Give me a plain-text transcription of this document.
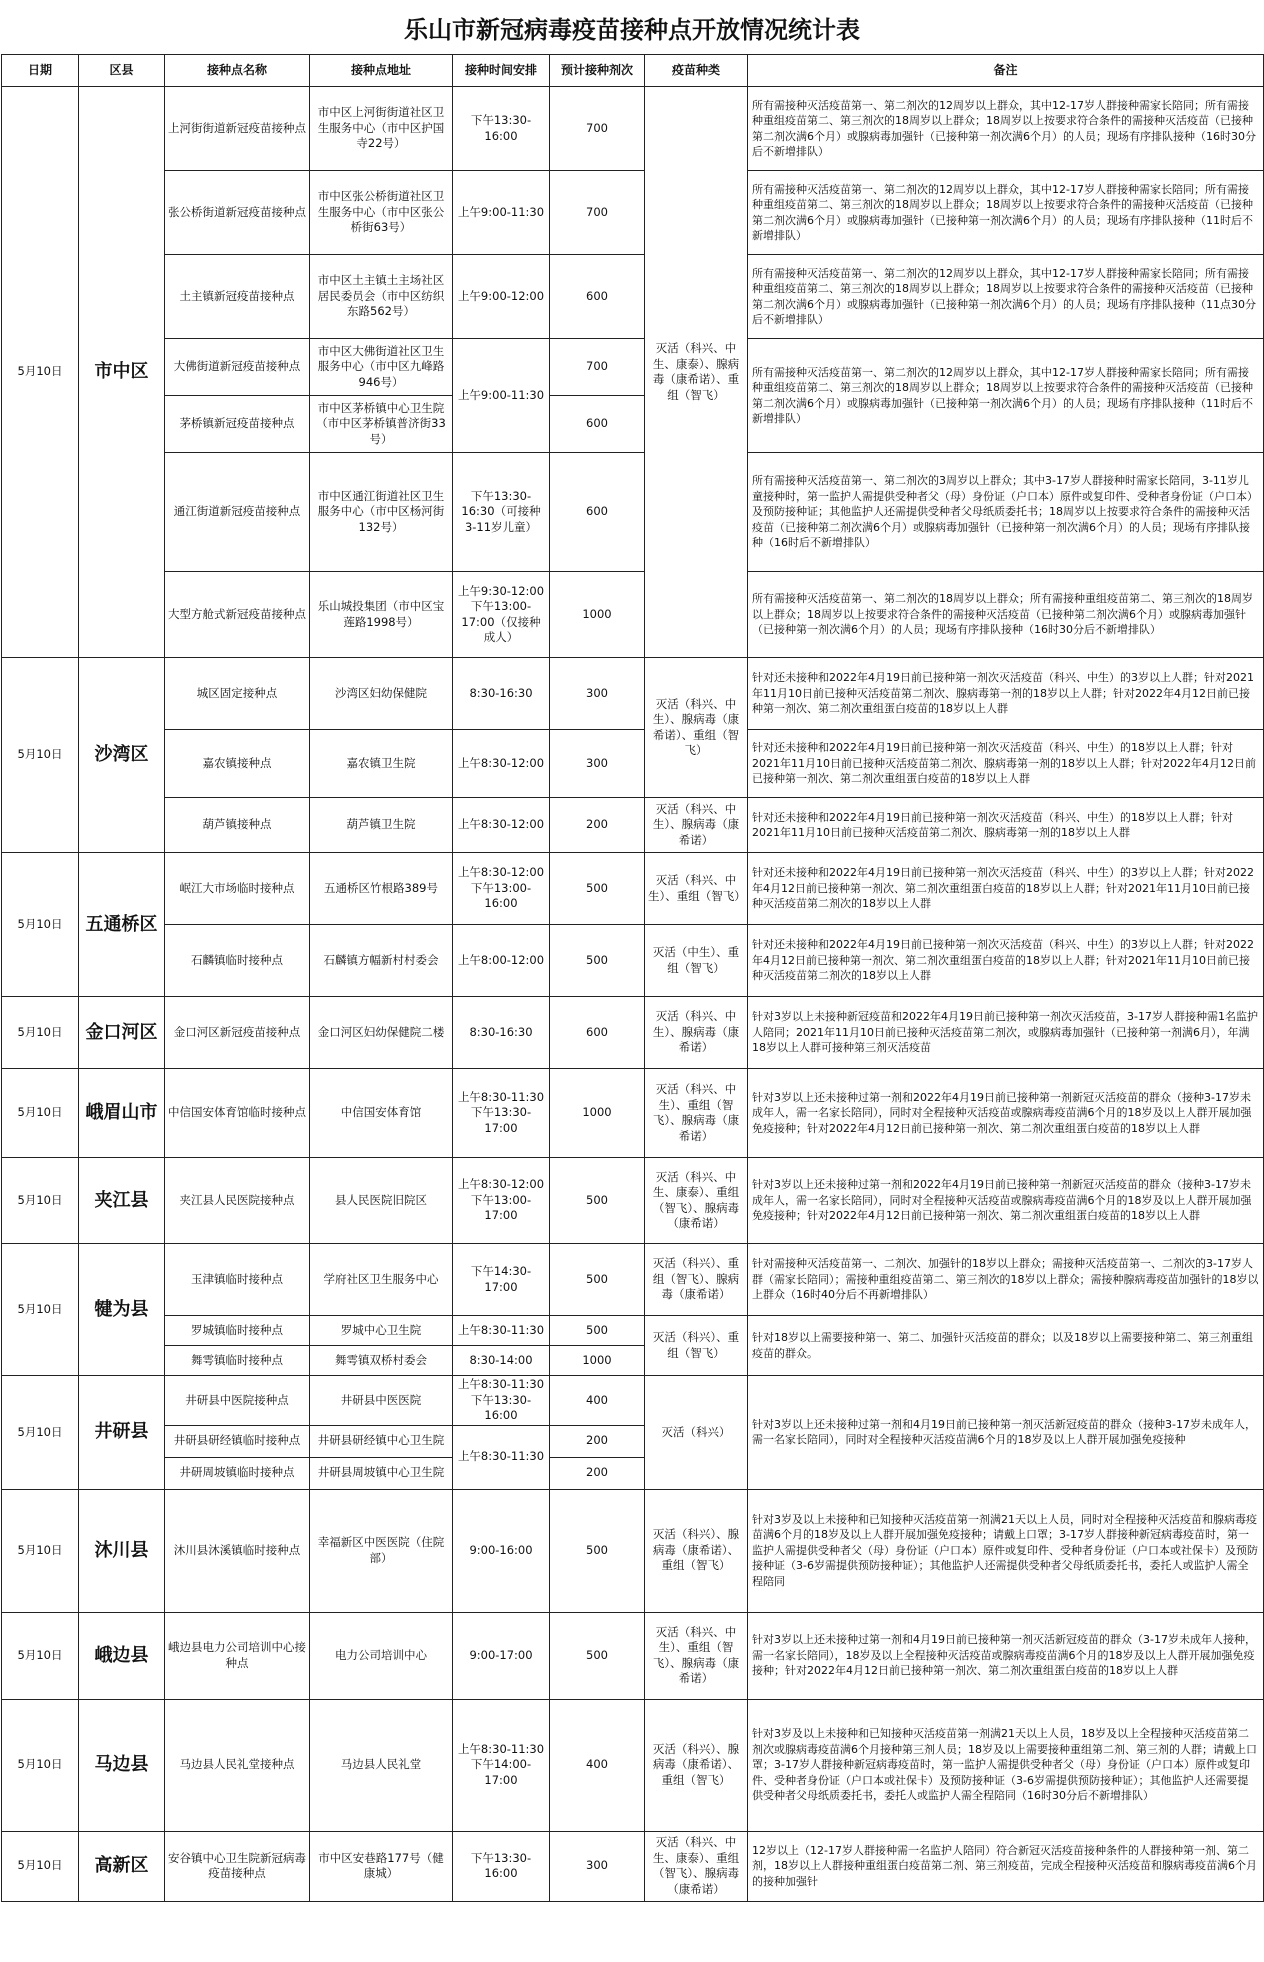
乐山市新冠病毒疫苗接种点开放情况统计表
日期	区县	接种点名称	接种点地址	接种时间安排	预计接种剂次	疫苗种类	备注
5月10日	市中区	上河街街道新冠疫苗接种点	市中区上河街街道社区卫生服务中心（市中区护国寺22号）	下午13:30-16:00	700	灭活（科兴、中生、康泰）、腺病毒（康希诺）、重组（智飞）	所有需接种灭活疫苗第一、第二剂次的12周岁以上群众，其中12-17岁人群接种需家长陪同；所有需接种重组疫苗第二、第三剂次的18周岁以上群众；18周岁以上按要求符合条件的需接种灭活疫苗（已接种第二剂次满6个月）或腺病毒加强针（已接种第一剂次满6个月）的人员；现场有序排队接种（16时30分后不新增排队）
		张公桥街道新冠疫苗接种点	市中区张公桥街道社区卫生服务中心（市中区张公桥街63号）	上午9:00-11:30	700		所有需接种灭活疫苗第一、第二剂次的12周岁以上群众，其中12-17岁人群接种需家长陪同；所有需接种重组疫苗第二、第三剂次的18周岁以上群众；18周岁以上按要求符合条件的需接种灭活疫苗（已接种第二剂次满6个月）或腺病毒加强针（已接种第一剂次满6个月）的人员；现场有序排队接种（11时后不新增排队）
		土主镇新冠疫苗接种点	市中区土主镇土主场社区居民委员会（市中区纺织东路562号）	上午9:00-12:00	600		所有需接种灭活疫苗第一、第二剂次的12周岁以上群众，其中12-17岁人群接种需家长陪同；所有需接种重组疫苗第二、第三剂次的18周岁以上群众；18周岁以上按要求符合条件的需接种灭活疫苗（已接种第二剂次满6个月）或腺病毒加强针（已接种第一剂次满6个月）的人员；现场有序排队接种（11点30分后不新增排队）
		大佛街道新冠疫苗接种点	市中区大佛街道社区卫生服务中心（市中区九峰路946号）	上午9:00-11:30	700		所有需接种灭活疫苗第一、第二剂次的12周岁以上群众，其中12-17岁人群接种需家长陪同；所有需接种重组疫苗第二、第三剂次的18周岁以上群众；18周岁以上按要求符合条件的需接种灭活疫苗（已接种第二剂次满6个月）或腺病毒加强针（已接种第一剂次满6个月）的人员；现场有序排队接种（11时后不新增排队）
		茅桥镇新冠疫苗接种点	市中区茅桥镇中心卫生院（市中区茅桥镇普济街33号）		600		
		通江街道新冠疫苗接种点	市中区通江街道社区卫生服务中心（市中区杨河街132号）	下午13:30-16:30（可接种3-11岁儿童）	600		所有需接种灭活疫苗第一、第二剂次的3周岁以上群众；其中3-17岁人群接种时需家长陪同，3-11岁儿童接种时，第一监护人需提供受种者父（母）身份证（户口本）原件或复印件、受种者身份证（户口本）及预防接种证；其他监护人还需提供受种者父母纸质委托书；18周岁以上按要求符合条件的需接种灭活疫苗（已接种第二剂次满6个月）或腺病毒加强针（已接种第一剂次满6个月）的人员；现场有序排队接种（16时后不新增排队）
		大型方舱式新冠疫苗接种点	乐山城投集团（市中区宝莲路1998号）	上午9:30-12:00 下午13:00-17:00（仅接种成人）	1000		所有需接种灭活疫苗第一、第二剂次的18周岁以上群众；所有需接种重组疫苗第二、第三剂次的18周岁以上群众；18周岁以上按要求符合条件的需接种灭活疫苗（已接种第二剂次满6个月）或腺病毒加强针（已接种第一剂次满6个月）的人员；现场有序排队接种（16时30分后不新增排队）
5月10日	沙湾区	城区固定接种点	沙湾区妇幼保健院	8:30-16:30	300	灭活（科兴、中生）、腺病毒（康希诺）、重组（智飞）	针对还未接种和2022年4月19日前已接种第一剂次灭活疫苗（科兴、中生）的3岁以上人群；针对2021年11月10日前已接种灭活疫苗第二剂次、腺病毒第一剂的18岁以上人群；针对2022年4月12日前已接种第一剂次、第二剂次重组蛋白疫苗的18岁以上人群
		嘉农镇接种点	嘉农镇卫生院	上午8:30-12:00	300		针对还未接种和2022年4月19日前已接种第一剂次灭活疫苗（科兴、中生）的18岁以上人群；针对2021年11月10日前已接种灭活疫苗第二剂次、腺病毒第一剂的18岁以上人群；针对2022年4月12日前已接种第一剂次、第二剂次重组蛋白疫苗的18岁以上人群
		葫芦镇接种点	葫芦镇卫生院	上午8:30-12:00	200	灭活（科兴、中生）、腺病毒（康希诺）	针对还未接种和2022年4月19日前已接种第一剂次灭活疫苗（科兴、中生）的18岁以上人群；针对2021年11月10日前已接种灭活疫苗第二剂次、腺病毒第一剂的18岁以上人群
5月10日	五通桥区	岷江大市场临时接种点	五通桥区竹根路389号	上午8:30-12:00 下午13:00-16:00	500	灭活（科兴、中生）、重组（智飞）	针对还未接种和2022年4月19日前已接种第一剂次灭活疫苗（科兴、中生）的3岁以上人群；针对2022年4月12日前已接种第一剂次、第二剂次重组蛋白疫苗的18岁以上人群；针对2021年11月10日前已接种灭活疫苗第二剂次的18岁以上人群
		石麟镇临时接种点	石麟镇方幅新村村委会	上午8:00-12:00	500	灭活（中生）、重组（智飞）	针对还未接种和2022年4月19日前已接种第一剂次灭活疫苗（科兴、中生）的3岁以上人群；针对2022年4月12日前已接种第一剂次、第二剂次重组蛋白疫苗的18岁以上人群；针对2021年11月10日前已接种灭活疫苗第二剂次的18岁以上人群
5月10日	金口河区	金口河区新冠疫苗接种点	金口河区妇幼保健院二楼	8:30-16:30	600	灭活（科兴、中生）、腺病毒（康希诺）	针对3岁以上未接种新冠疫苗和2022年4月19日前已接种第一剂次灭活疫苗，3-17岁人群接种需1名监护人陪同；2021年11月10日前已接种灭活疫苗第二剂次，或腺病毒加强针（已接种第一剂满6月），年满18岁以上人群可接种第三剂灭活疫苗
5月10日	峨眉山市	中信国安体育馆临时接种点	中信国安体育馆	上午8:30-11:30 下午13:30-17:00	1000	灭活（科兴、中生）、重组（智飞）、腺病毒（康希诺）	针对3岁以上还未接种过第一剂和2022年4月19日前已接种第一剂新冠灭活疫苗的群众（接种3-17岁未成年人，需一名家长陪同），同时对全程接种灭活疫苗或腺病毒疫苗满6个月的18岁及以上人群开展加强免疫接种；针对2022年4月12日前已接种第一剂次、第二剂次重组蛋白疫苗的18岁以上人群
5月10日	夹江县	夹江县人民医院接种点	县人民医院旧院区	上午8:30-12:00 下午13:00-17:00	500	灭活（科兴、中生、康泰）、重组（智飞）、腺病毒（康希诺）	针对3岁以上还未接种过第一剂和2022年4月19日前已接种第一剂新冠灭活疫苗的群众（接种3-17岁未成年人，需一名家长陪同），同时对全程接种灭活疫苗或腺病毒疫苗满6个月的18岁及以上人群开展加强免疫接种；针对2022年4月12日前已接种第一剂次、第二剂次重组蛋白疫苗的18岁以上人群
5月10日	犍为县	玉津镇临时接种点	学府社区卫生服务中心	下午14:30-17:00	500	灭活（科兴）、重组（智飞）、腺病毒（康希诺）	针对需接种灭活疫苗第一、二剂次、加强针的18岁以上群众；需接种灭活疫苗第一、二剂次的3-17岁人群（需家长陪同）；需接种重组疫苗第二、第三剂次的18岁以上群众；需接种腺病毒疫苗加强针的18岁以上群众（16时40分后不再新增排队）
		罗城镇临时接种点	罗城中心卫生院	上午8:30-11:30	500	灭活（科兴）、重组（智飞）	针对18岁以上需要接种第一、第二、加强针灭活疫苗的群众；以及18岁以上需要接种第二、第三剂重组疫苗的群众。
		舞雩镇临时接种点	舞雩镇双桥村委会	8:30-14:00	1000		
5月10日	井研县	井研县中医院接种点	井研县中医医院	上午8:30-11:30 下午13:30-16:00	400	灭活（科兴）	针对3岁以上还未接种过第一剂和4月19日前已接种第一剂灭活新冠疫苗的群众（接种3-17岁未成年人，需一名家长陪同），同时对全程接种灭活疫苗满6个月的18岁及以上人群开展加强免疫接种
		井研县研经镇临时接种点	井研县研经镇中心卫生院	上午8:30-11:30	200		
		井研周坡镇临时接种点	井研县周坡镇中心卫生院		200		
5月10日	沐川县	沐川县沐溪镇临时接种点	幸福新区中医医院（住院部）	9:00-16:00	500	灭活（科兴）、腺病毒（康希诺）、重组（智飞）	针对3岁及以上未接种和已知接种灭活疫苗第一剂满21天以上人员，同时对全程接种灭活疫苗和腺病毒疫苗满6个月的18岁及以上人群开展加强免疫接种；请戴上口罩；3-17岁人群接种新冠病毒疫苗时，第一监护人需提供受种者父（母）身份证（户口本）原件或复印件、受种者身份证（户口本或社保卡）及预防接种证（3-6岁需提供预防接种证）；其他监护人还需提供受种者父母纸质委托书，委托人或监护人需全程陪同
5月10日	峨边县	峨边县电力公司培训中心接种点	电力公司培训中心	9:00-17:00	500	灭活（科兴、中生）、重组（智飞）、腺病毒（康希诺）	针对3岁以上还未接种过第一剂和4月19日前已接种第一剂灭活新冠疫苗的群众（3-17岁未成年人接种，需一名家长陪同），18岁及以上全程接种灭活疫苗或腺病毒疫苗满6个月的18岁及以上人群开展加强免疫接种；针对2022年4月12日前已接种第一剂次、第二剂次重组蛋白疫苗的18岁以上人群
5月10日	马边县	马边县人民礼堂接种点	马边县人民礼堂	上午8:30-11:30 下午14:00-17:00	400	灭活（科兴）、腺病毒（康希诺）、重组（智飞）	针对3岁及以上未接种和已知接种灭活疫苗第一剂满21天以上人员，18岁及以上全程接种灭活疫苗第二剂次或腺病毒疫苗满6个月接种第三剂人员；18岁及以上需要接种重组第二剂、第三剂的人群；请戴上口罩；3-17岁人群接种新冠病毒疫苗时，第一监护人需提供受种者父（母）身份证（户口本）原件或复印件、受种者身份证（户口本或社保卡）及预防接种证（3-6岁需提供预防接种证）；其他监护人还需要提供受种者父母纸质委托书，委托人或监护人需全程陪同（16时30分后不新增排队）
5月10日	高新区	安谷镇中心卫生院新冠病毒疫苗接种点	市中区安巷路177号（健康城）	下午13:30-16:00	300	灭活（科兴、中生、康泰）、重组（智飞）、腺病毒（康希诺）	12岁以上（12-17岁人群接种需一名监护人陪同）符合新冠灭活疫苗接种条件的人群接种第一剂、第二剂，18岁以上人群接种重组蛋白疫苗第二剂、第三剂疫苗，完成全程接种灭活疫苗和腺病毒疫苗满6个月的接种加强针
